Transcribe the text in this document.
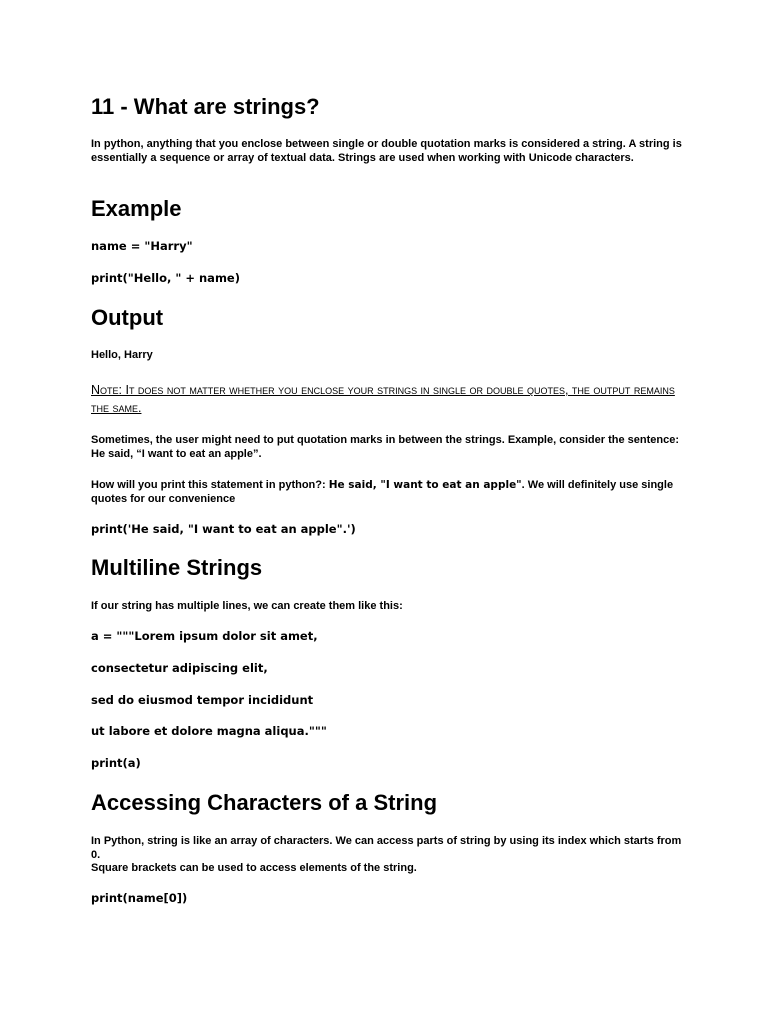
11 - What are strings?

In python, anything that you enclose between single or double quotation marks is considered a string. A string is essentially a sequence or array of textual data. Strings are used when working with Unicode characters.

Example
name = "Harry"
print("Hello, " + name)
Output

Hello, Harry

Note: It does not matter whether you enclose your strings in single or double quotes, the output remains the same.

Sometimes, the user might need to put quotation marks in between the strings. Example, consider the sentence: He said, “I want to eat an apple”.

How will you print this statement in python?: He said, "I want to eat an apple". We will definitely use single quotes for our convenience

print('He said, "I want to eat an apple".')
Multiline Strings

If our string has multiple lines, we can create them like this:

a = """Lorem ipsum dolor sit amet,
consectetur adipiscing elit,
sed do eiusmod tempor incididunt
ut labore et dolore magna aliqua."""
print(a)
Accessing Characters of a String

In Python, string is like an array of characters. We can access parts of string by using its index which starts from 0.

Square brackets can be used to access elements of the string.

print(name[0])
